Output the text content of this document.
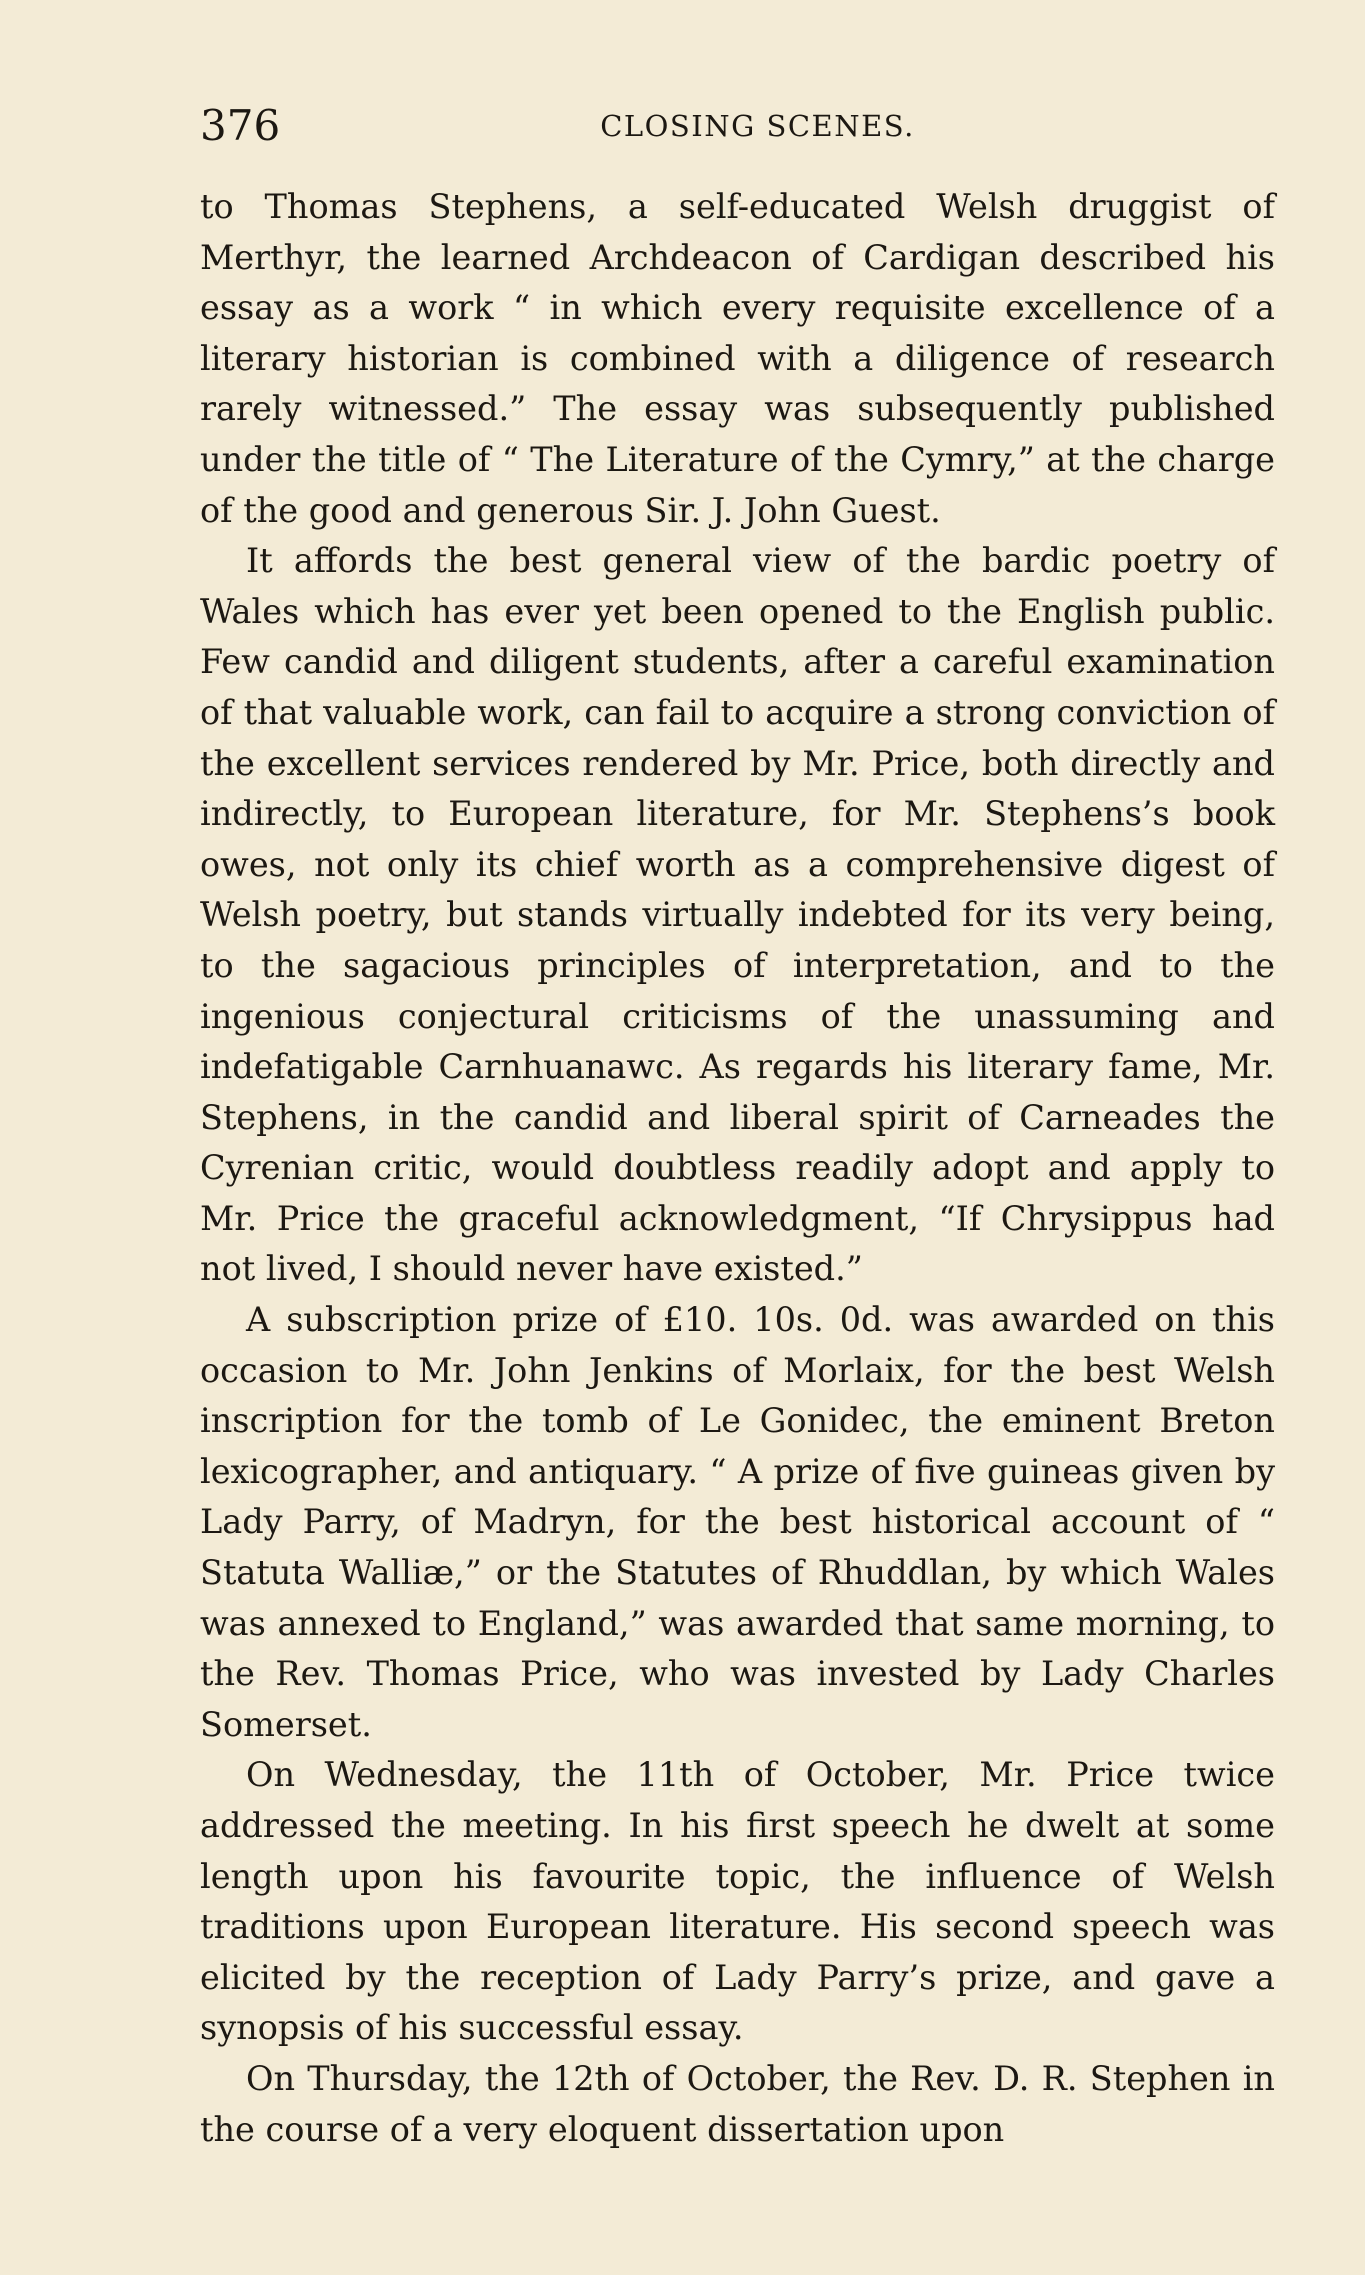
376	CLOSING SCENES.

to Thomas Stephens, a self-educated Welsh druggist of Merthyr, the learned Archdeacon of Cardigan described his essay as a work “ in which every requisite excellence of a literary historian is combined with a diligence of research rarely witnessed.” The essay was subsequently published under the title of “ The Literature of the Cymry,” at the charge of the good and generous Sir. J. John Guest.

It affords the best general view of the bardic poetry of Wales which has ever yet been opened to the English public. Few candid and diligent students, after a careful examination of that valuable work, can fail to acquire a strong conviction of the excellent services rendered by Mr. Price, both directly and indirectly, to European literature, for Mr. Stephens’s book owes, not only its chief worth as a comprehensive digest of Welsh poetry, but stands virtually indebted for its very being, to the sagacious principles of interpretation, and to the ingenious conjectural criticisms of the unassuming and indefatigable Carnhuanawc. As regards his literary fame, Mr. Stephens, in the candid and liberal spirit of Carneades the Cyrenian critic, would doubtless readily adopt and apply to Mr. Price the graceful acknowledgment, “If Chrysippus had not lived, I should never have existed.”

A subscription prize of £10. 10s. 0d. was awarded on this occasion to Mr. John Jenkins of Morlaix, for the best Welsh inscription for the tomb of Le Gonidec, the eminent Breton lexicographer, and antiquary. “ A prize of five guineas given by Lady Parry, of Madryn, for the best historical account of “ Statuta Walliæ,” or the Statutes of Rhuddlan, by which Wales was annexed to England,” was awarded that same morning, to the Rev. Thomas Price, who was invested by Lady Charles Somerset.

On Wednesday, the 11th of October, Mr. Price twice addressed the meeting. In his first speech he dwelt at some length upon his favourite topic, the influence of Welsh traditions upon European literature. His second speech was elicited by the reception of Lady Parry’s prize, and gave a synopsis of his successful essay.

On Thursday, the 12th of October, the Rev. D. R. Stephen in the course of a very eloquent dissertation upon
